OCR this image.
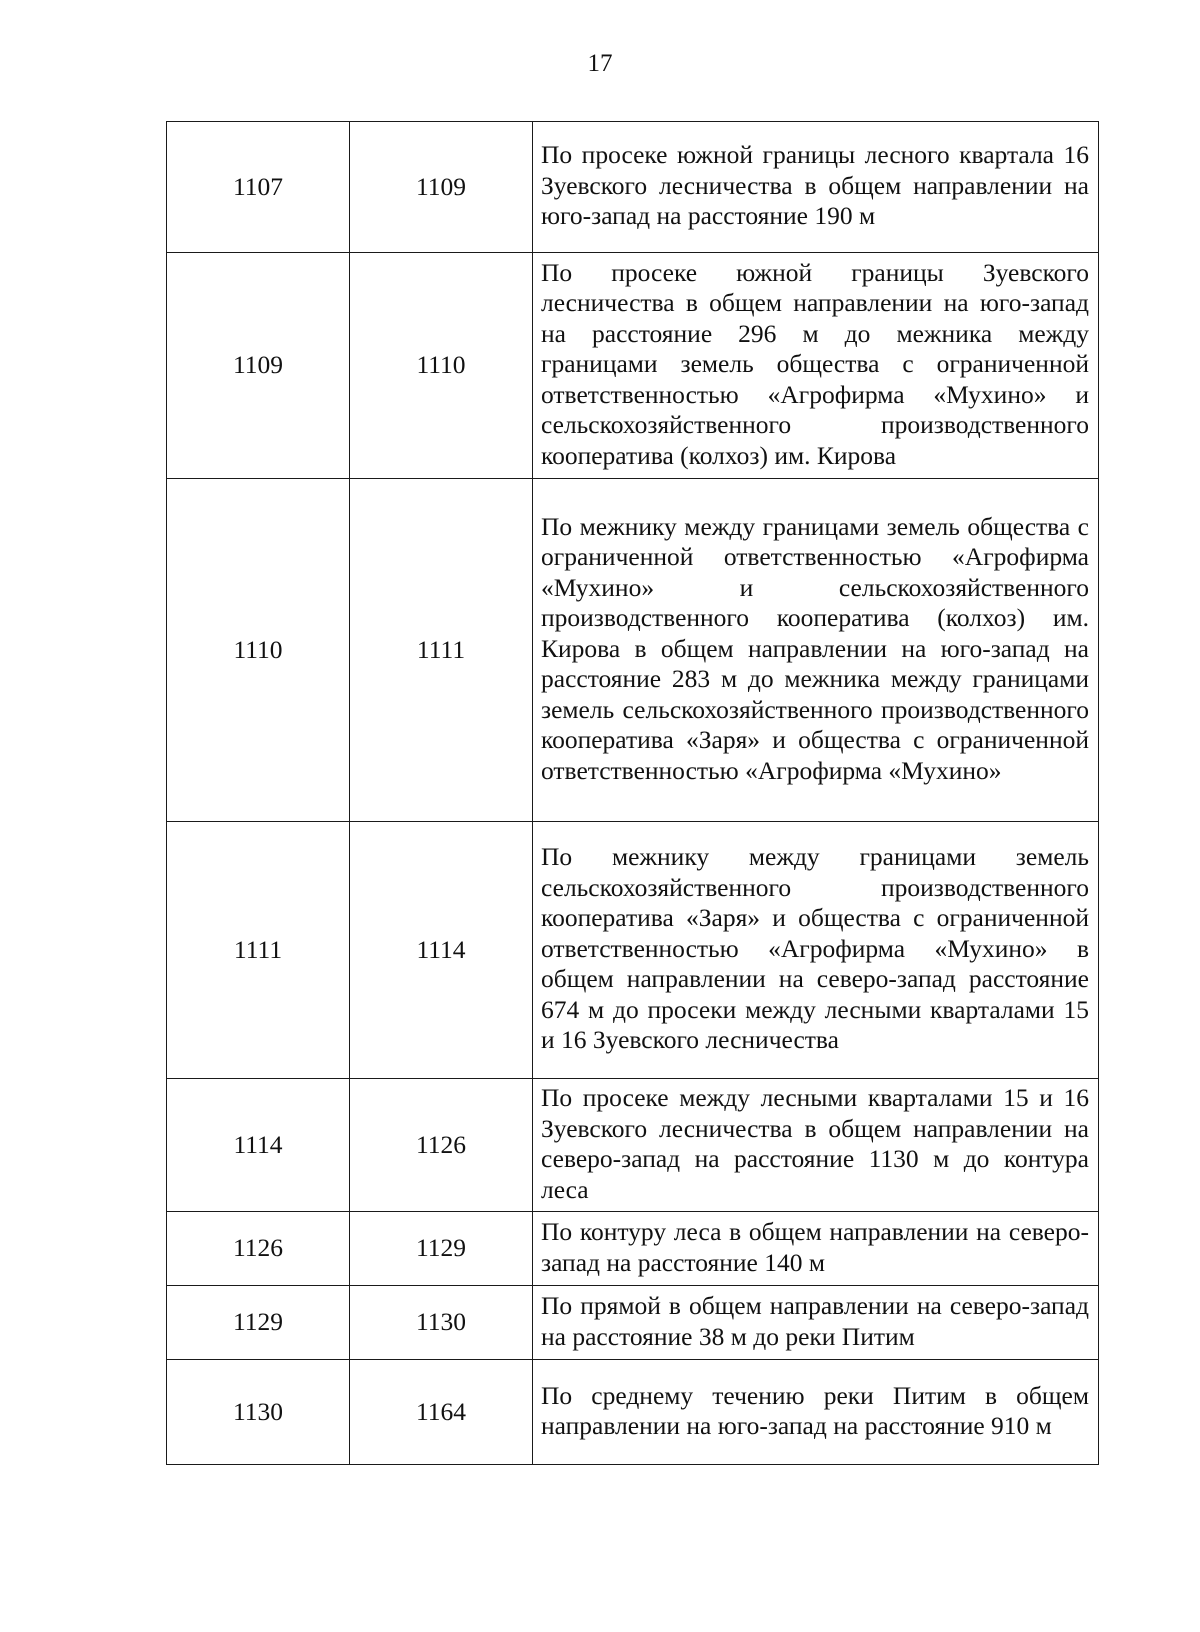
17
1107	1109	По просеке южной границы лесного квартала 16 Зуевского лесничества в общем направлении на юго-запад на расстояние 190 м
1109	1110	По просеке южной границы Зуевского лесничества в общем направлении на юго-запад на расстояние 296 м до межника между границами земель общества с ограниченной ответственностью «Агрофирма «Мухино» и сельскохозяйственного производственного кооператива (колхоз) им. Кирова
1110	1111	По межнику между границами земель общества с ограниченной ответственностью «Агрофирма «Мухино» и сельскохозяйственного производственного кооператива (колхоз) им. Кирова в общем направлении на юго-запад на расстояние 283 м до межника между границами земель сельскохозяйственного производственного кооператива «Заря» и общества с ограниченной ответственностью «Агрофирма «Мухино»
1111	1114	По межнику между границами земель сельскохозяйственного производственного кооператива «Заря» и общества с ограниченной ответственностью «Агрофирма «Мухино» в общем направлении на северо-запад расстояние 674 м до просеки между лесными кварталами 15 и 16 Зуевского лесничества
1114	1126	По просеке между лесными кварталами 15 и 16 Зуевского лесничества в общем направлении на северо-запад на расстояние 1130 м до контура леса
1126	1129	По контуру леса в общем направлении на северо-запад на расстояние 140 м
1129	1130	По прямой в общем направлении на северо-запад на расстояние 38 м до реки Питим
1130	1164	По среднему течению реки Питим в общем направлении на юго-запад на расстояние 910 м
